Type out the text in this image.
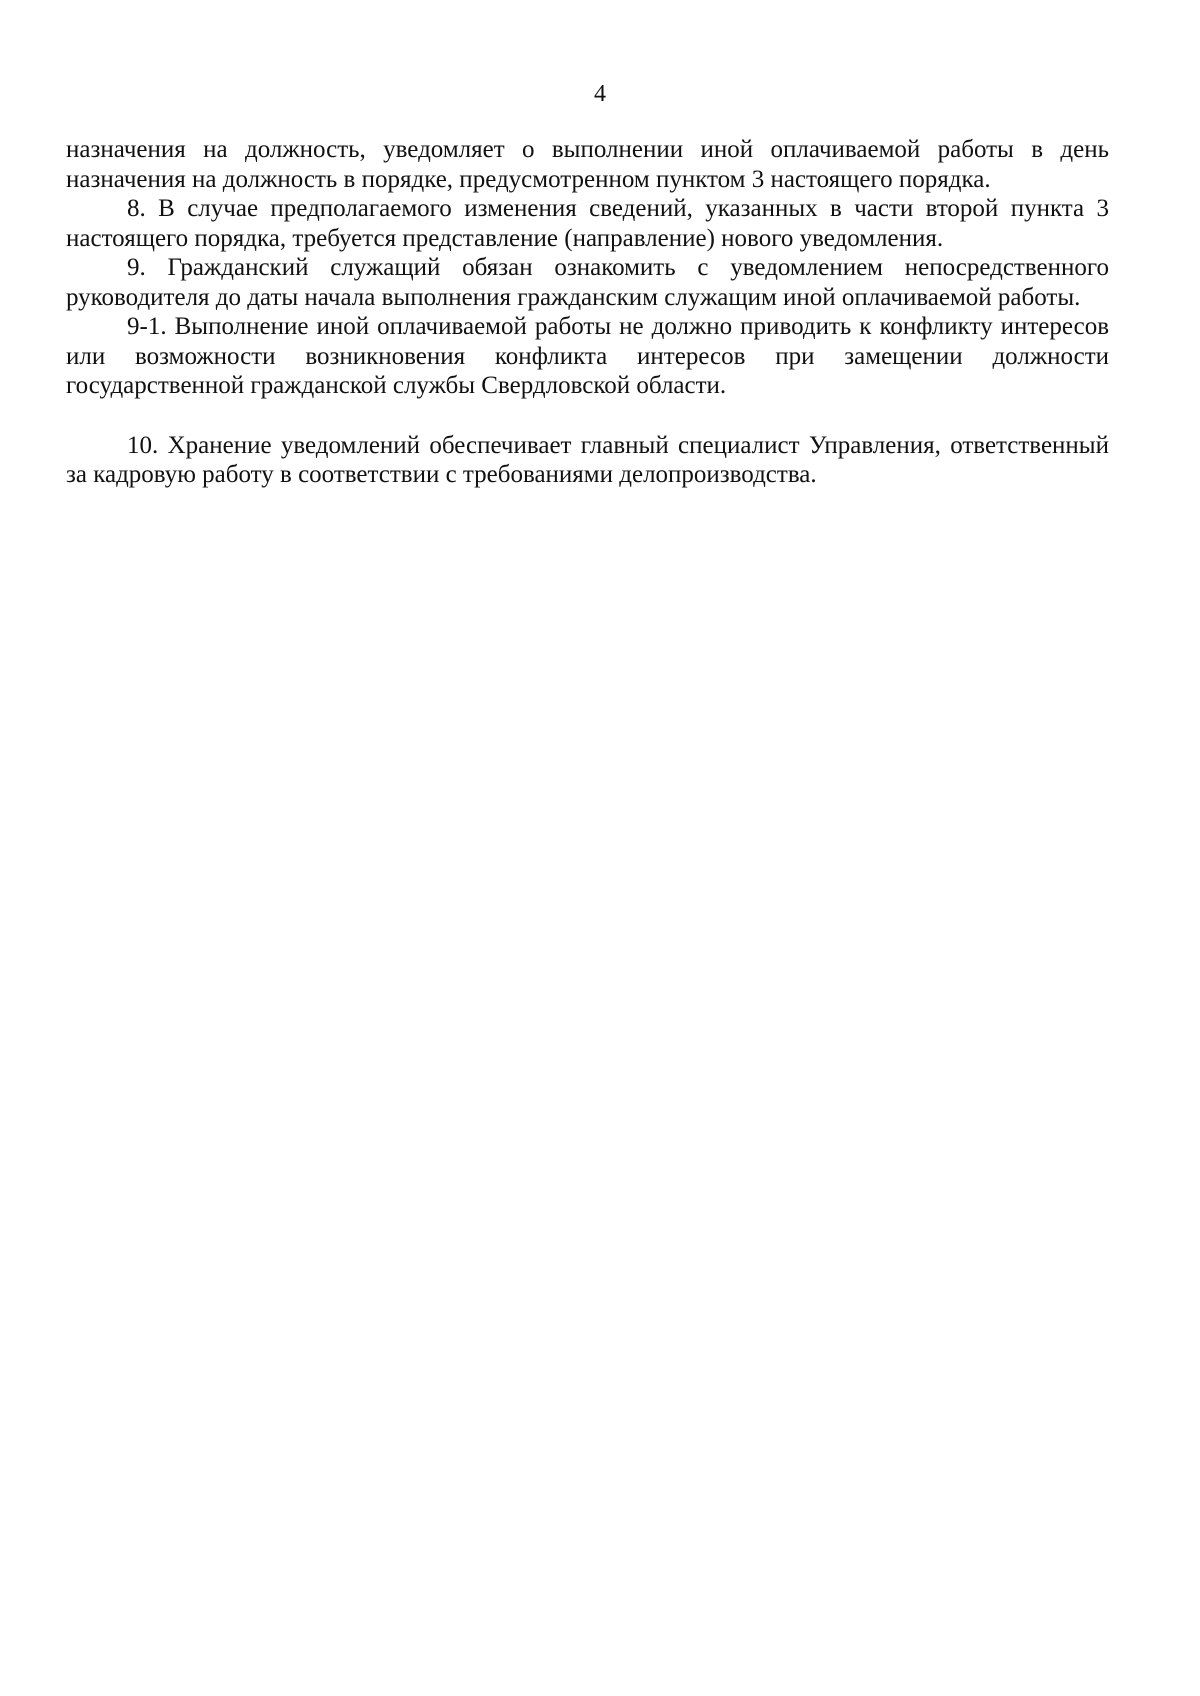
4

назначения на должность, уведомляет о выполнении иной оплачиваемой работы в день назначения на должность в порядке, предусмотренном пунктом 3 настоящего порядка.

8. В случае предполагаемого изменения сведений, указанных в части второй пункта 3 настоящего порядка, требуется представление (направление) нового уведомления.

9. Гражданский служащий обязан ознакомить с уведомлением непосредственного руководителя до даты начала выполнения гражданским служащим иной оплачиваемой работы.

9-1. Выполнение иной оплачиваемой работы не должно приводить к конфликту интересов или возможности возникновения конфликта интересов при замещении должности государственной гражданской службы Свердловской области.

10. Хранение уведомлений обеспечивает главный специалист Управления, ответственный за кадровую работу в соответствии с требованиями делопроизводства.
